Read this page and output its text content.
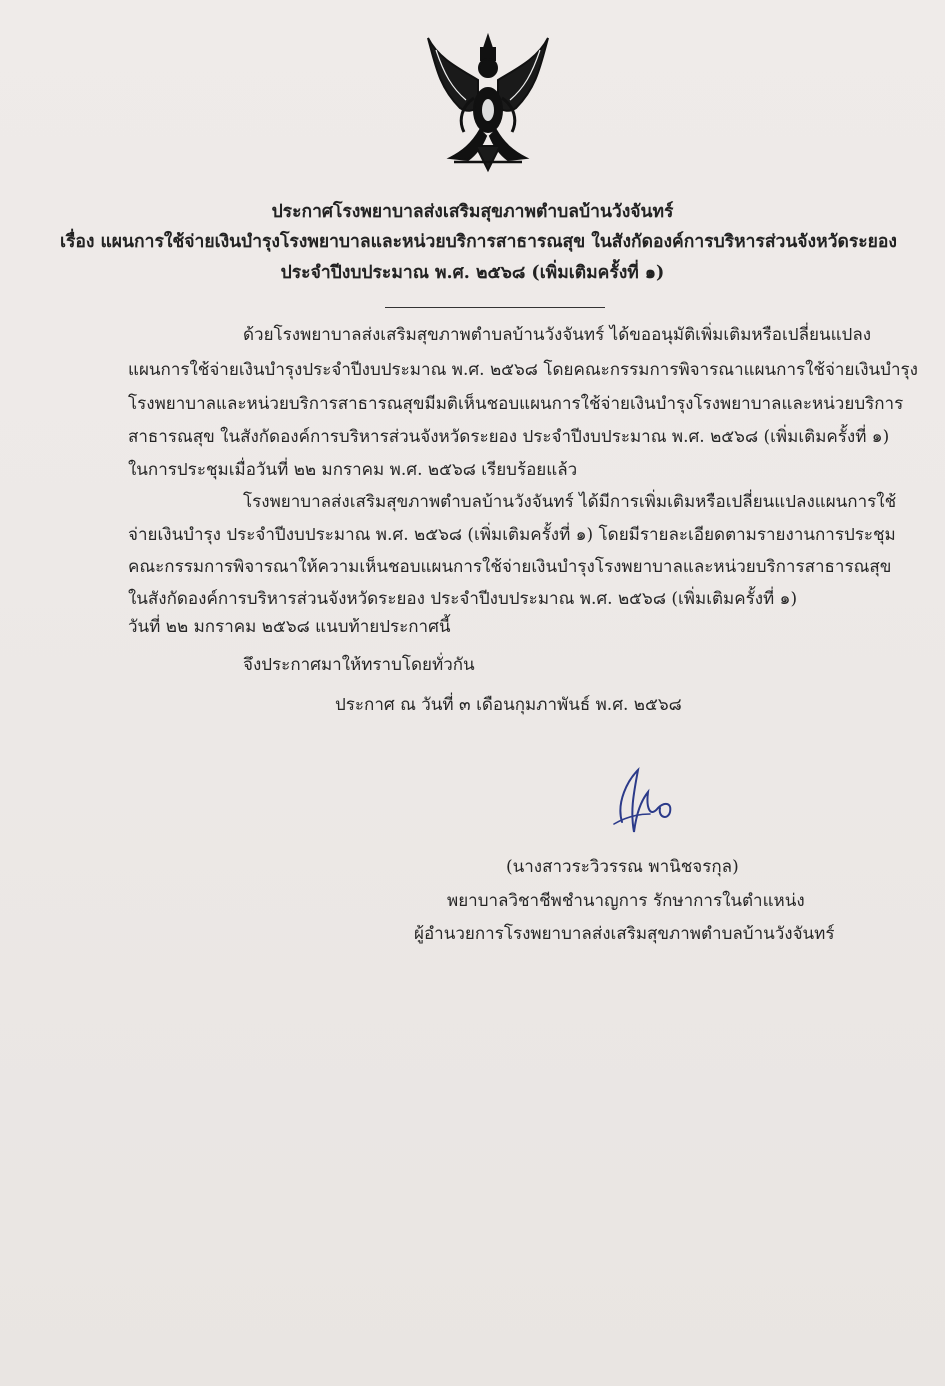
ประกาศโรงพยาบาลส่งเสริมสุขภาพตำบลบ้านวังจันทร์
เรื่อง แผนการใช้จ่ายเงินบำรุงโรงพยาบาลและหน่วยบริการสาธารณสุข ในสังกัดองค์การบริหารส่วนจังหวัดระยอง
ประจำปีงบประมาณ พ.ศ. ๒๕๖๘ (เพิ่มเติมครั้งที่ ๑)
ด้วยโรงพยาบาลส่งเสริมสุขภาพตำบลบ้านวังจันทร์ ได้ขออนุมัติเพิ่มเติมหรือเปลี่ยนแปลง
แผนการใช้จ่ายเงินบำรุงประจำปีงบประมาณ พ.ศ. ๒๕๖๘ โดยคณะกรรมการพิจารณาแผนการใช้จ่ายเงินบำรุง
โรงพยาบาลและหน่วยบริการสาธารณสุขมีมติเห็นชอบแผนการใช้จ่ายเงินบำรุงโรงพยาบาลและหน่วยบริการ
สาธารณสุข ในสังกัดองค์การบริหารส่วนจังหวัดระยอง ประจำปีงบประมาณ พ.ศ. ๒๕๖๘ (เพิ่มเติมครั้งที่ ๑)
ในการประชุมเมื่อวันที่ ๒๒ มกราคม พ.ศ. ๒๕๖๘ เรียบร้อยแล้ว
โรงพยาบาลส่งเสริมสุขภาพตำบลบ้านวังจันทร์ ได้มีการเพิ่มเติมหรือเปลี่ยนแปลงแผนการใช้
จ่ายเงินบำรุง ประจำปีงบประมาณ พ.ศ. ๒๕๖๘ (เพิ่มเติมครั้งที่ ๑) โดยมีรายละเอียดตามรายงานการประชุม
คณะกรรมการพิจารณาให้ความเห็นชอบแผนการใช้จ่ายเงินบำรุงโรงพยาบาลและหน่วยบริการสาธารณสุข
ในสังกัดองค์การบริหารส่วนจังหวัดระยอง ประจำปีงบประมาณ พ.ศ. ๒๕๖๘ (เพิ่มเติมครั้งที่ ๑)
วันที่ ๒๒ มกราคม ๒๕๖๘ แนบท้ายประกาศนี้
จึงประกาศมาให้ทราบโดยทั่วกัน
ประกาศ ณ วันที่ ๓ เดือนกุมภาพันธ์ พ.ศ. ๒๕๖๘
(นางสาวระวิวรรณ พานิชจรกุล)
พยาบาลวิชาชีพชำนาญการ รักษาการในตำแหน่ง
ผู้อำนวยการโรงพยาบาลส่งเสริมสุขภาพตำบลบ้านวังจันทร์
